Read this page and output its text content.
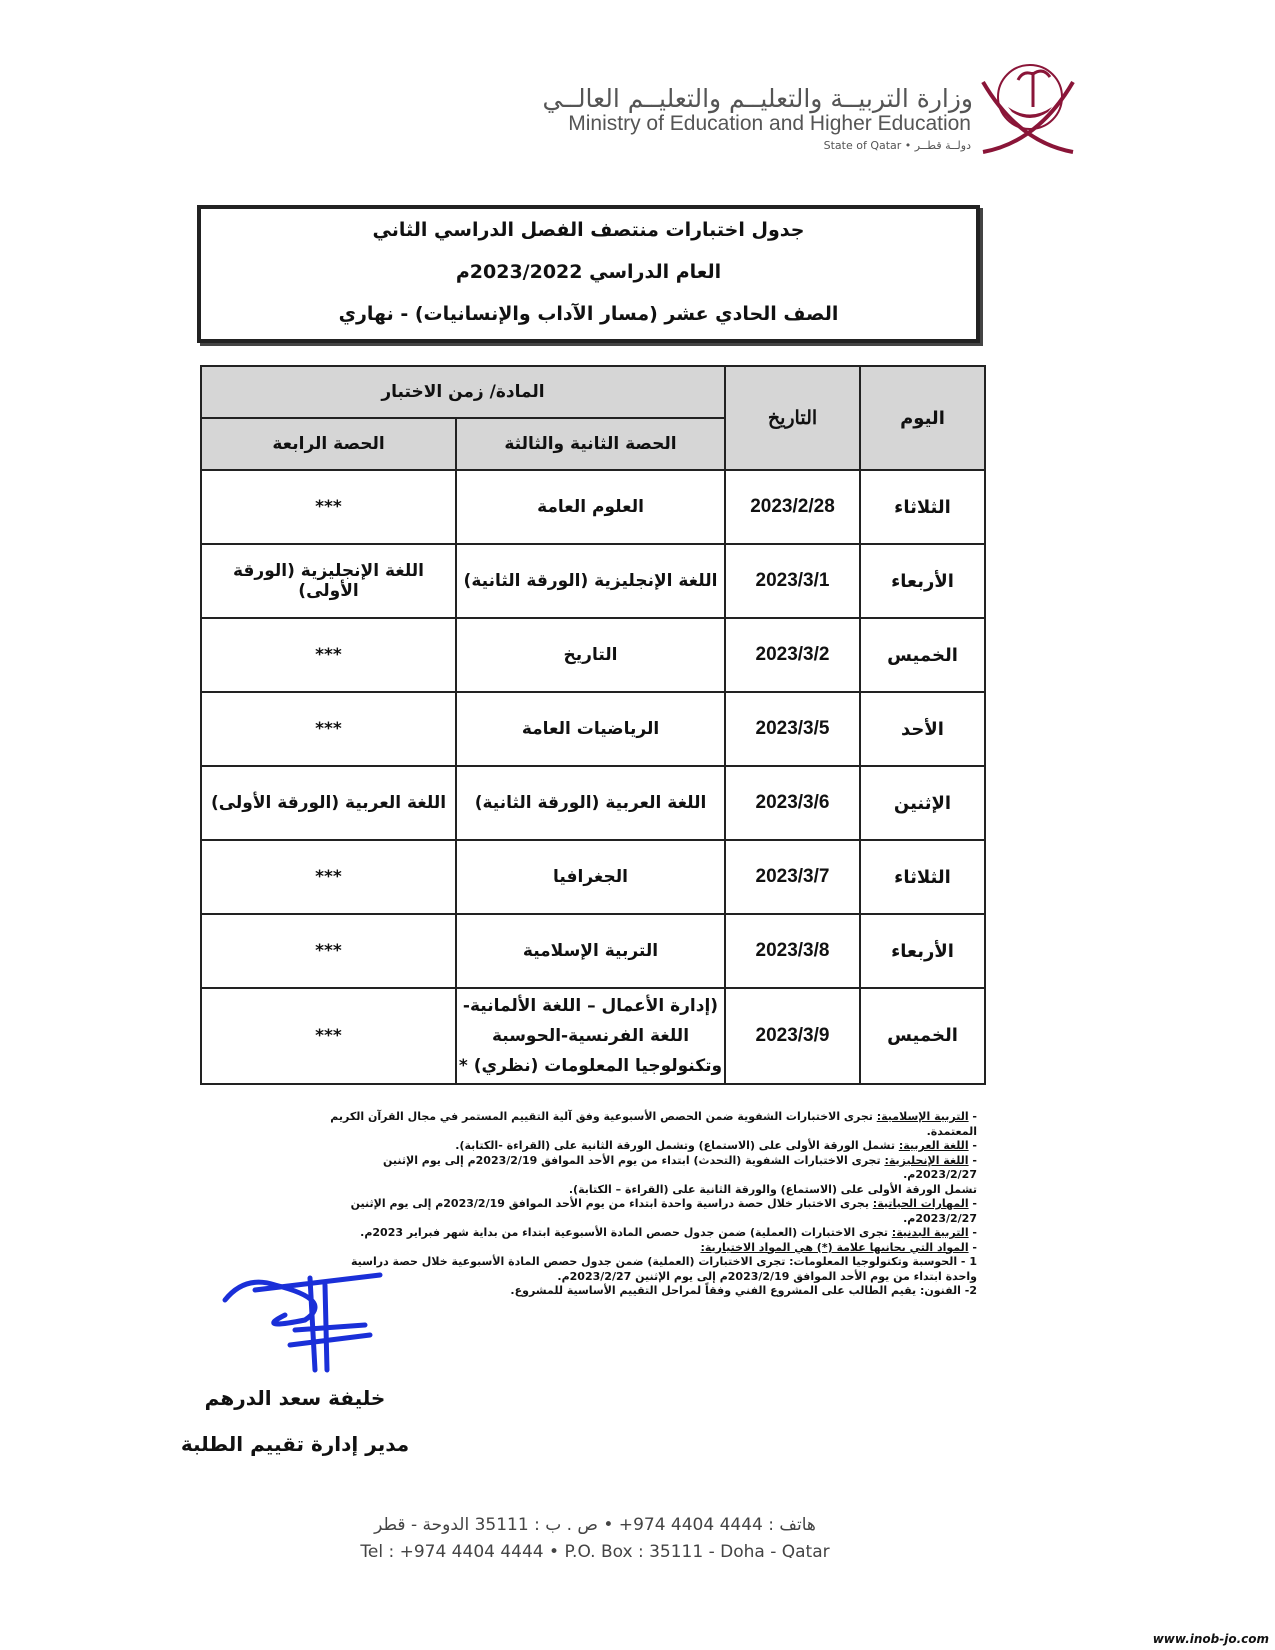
وزارة التربيــة والتعليــم والتعليــم العالــي
Ministry of Education and Higher Education
State of Qatar • دولــة قطــر
جدول اختبارات منتصف الفصل الدراسي الثاني
العام الدراسي 2023/2022م
الصف الحادي عشر (مسار الآداب والإنسانيات) - نهاري
اليوم	التاريخ	المادة/ زمن الاختبار	
		الحصة الثانية والثالثة	الحصة الرابعة
الثلاثاء	2023/2/28	العلوم العامة	***
الأربعاء	2023/3/1	اللغة الإنجليزية (الورقة الثانية)	اللغة الإنجليزية (الورقة الأولى)
الخميس	2023/3/2	التاريخ	***
الأحد	2023/3/5	الرياضيات العامة	***
الإثنين	2023/3/6	اللغة العربية (الورقة الثانية)	اللغة العربية (الورقة الأولى)
الثلاثاء	2023/3/7	الجغرافيا	***
الأربعاء	2023/3/8	التربية الإسلامية	***
الخميس	2023/3/9	(إدارة الأعمال – اللغة الألمانية- اللغة الفرنسية-الحوسبة وتكنولوجيا المعلومات (نظري) *	***
- التربية الإسلامية: تجرى الاختبارات الشفوية ضمن الحصص الأسبوعية وفق آلية التقييم المستمر في مجال القرآن الكريم المعتمدة.
- اللغة العربية: تشمل الورقة الأولى على (الاستماع) وتشمل الورقة الثانية على (القراءة -الكتابة).
- اللغة الإنجليزية: تجرى الاختبارات الشفوية (التحدث) ابتداء من يوم الأحد الموافق 2023/2/19م إلى يوم الإثنين 2023/2/27م.
تشمل الورقة الأولى على (الاستماع) والورقة الثانية على (القراءة – الكتابة).
- المهارات الحياتية: يجرى الاختبار خلال حصة دراسية واحدة ابتداء من يوم الأحد الموافق 2023/2/19م إلى يوم الإثنين 2023/2/27م.
- التربية البدنية: تجرى الاختبارات (العملية) ضمن جدول حصص المادة الأسبوعية ابتداء من بداية شهر فبراير 2023م.
- المواد التي بجانبها علامة (*) هي المواد الاختيارية:
1 - الحوسبة وتكنولوجيا المعلومات: تجرى الاختبارات (العملية) ضمن جدول حصص المادة الأسبوعية خلال حصة دراسية واحدة ابتداء من يوم الأحد الموافق 2023/2/19م إلى يوم الإثنين 2023/2/27م.
2- الفنون: يقيم الطالب على المشروع الفني وفقاً لمراحل التقييم الأساسية للمشروع.
خليفة سعد الدرهم
مدير إدارة تقييم الطلبة
هاتف : 4444 4404 974+ • ص . ب : 35111 الدوحة - قطر
Tel : +974 4404 4444 • P.O. Box : 35111 - Doha - Qatar
www.inob-jo.com
